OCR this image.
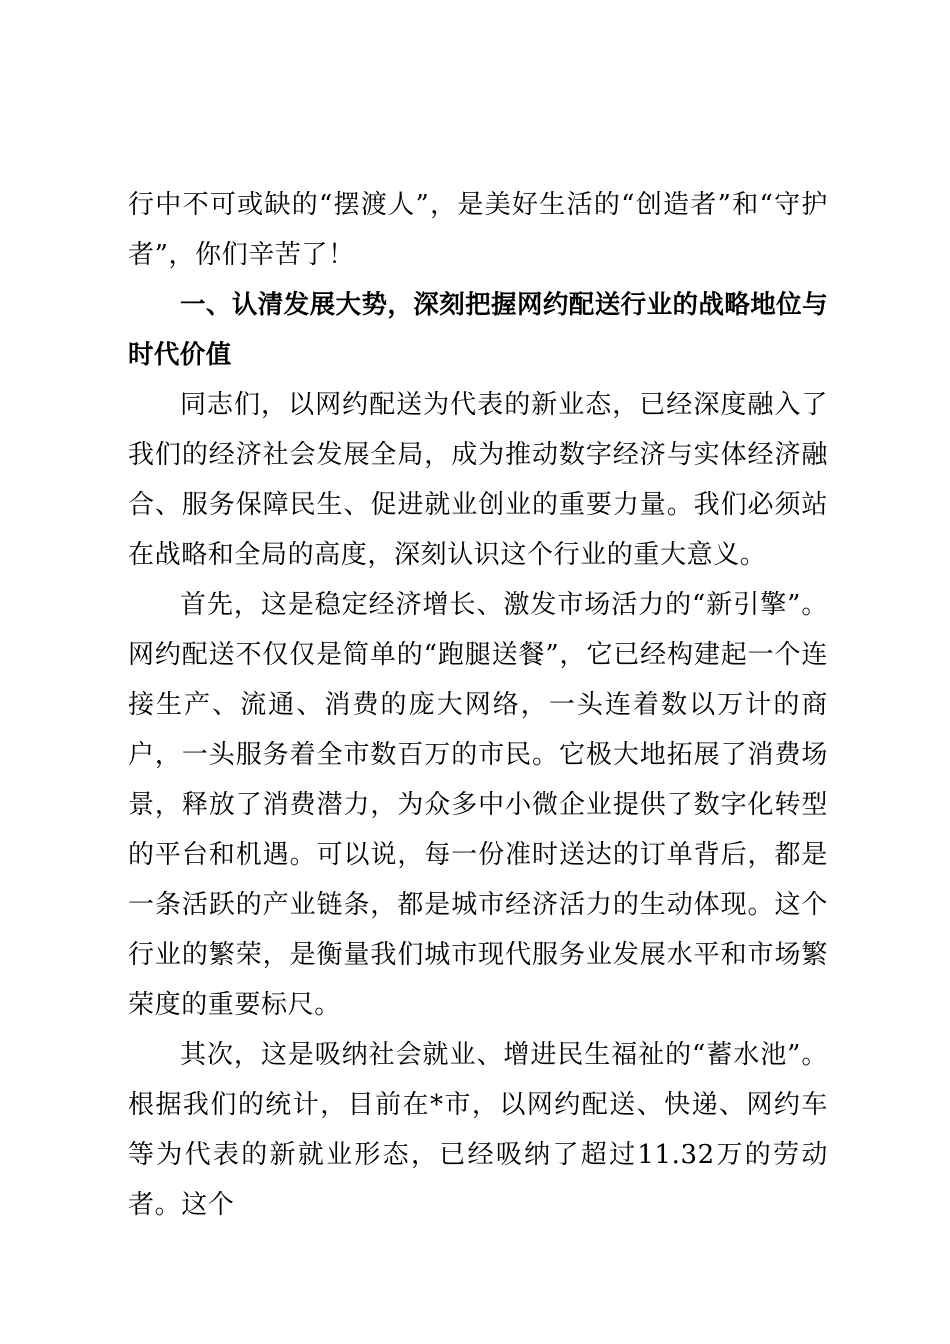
行中不可或缺的“摆渡人”，是美好生活的“创造者”和“守护者”，你们辛苦了！

一、认清发展大势，深刻把握网约配送行业的战略地位与时代价值

同志们，以网约配送为代表的新业态，已经深度融入了我们的经济社会发展全局，成为推动数字经济与实体经济融合、服务保障民生、促进就业创业的重要力量。我们必须站在战略和全局的高度，深刻认识这个行业的重大意义。

首先，这是稳定经济增长、激发市场活力的“新引擎”。网约配送不仅仅是简单的“跑腿送餐”，它已经构建起一个连接生产、流通、消费的庞大网络，一头连着数以万计的商户，一头服务着全市数百万的市民。它极大地拓展了消费场景，释放了消费潜力，为众多中小微企业提供了数字化转型的平台和机遇。可以说，每一份准时送达的订单背后，都是一条活跃的产业链条，都是城市经济活力的生动体现。这个行业的繁荣，是衡量我们城市现代服务业发展水平和市场繁荣度的重要标尺。

其次，这是吸纳社会就业、增进民生福祉的“蓄水池”。根据我们的统计，目前在*市，以网约配送、快递、网约车等为代表的新就业形态，已经吸纳了超过11.32万的劳动者。这个
